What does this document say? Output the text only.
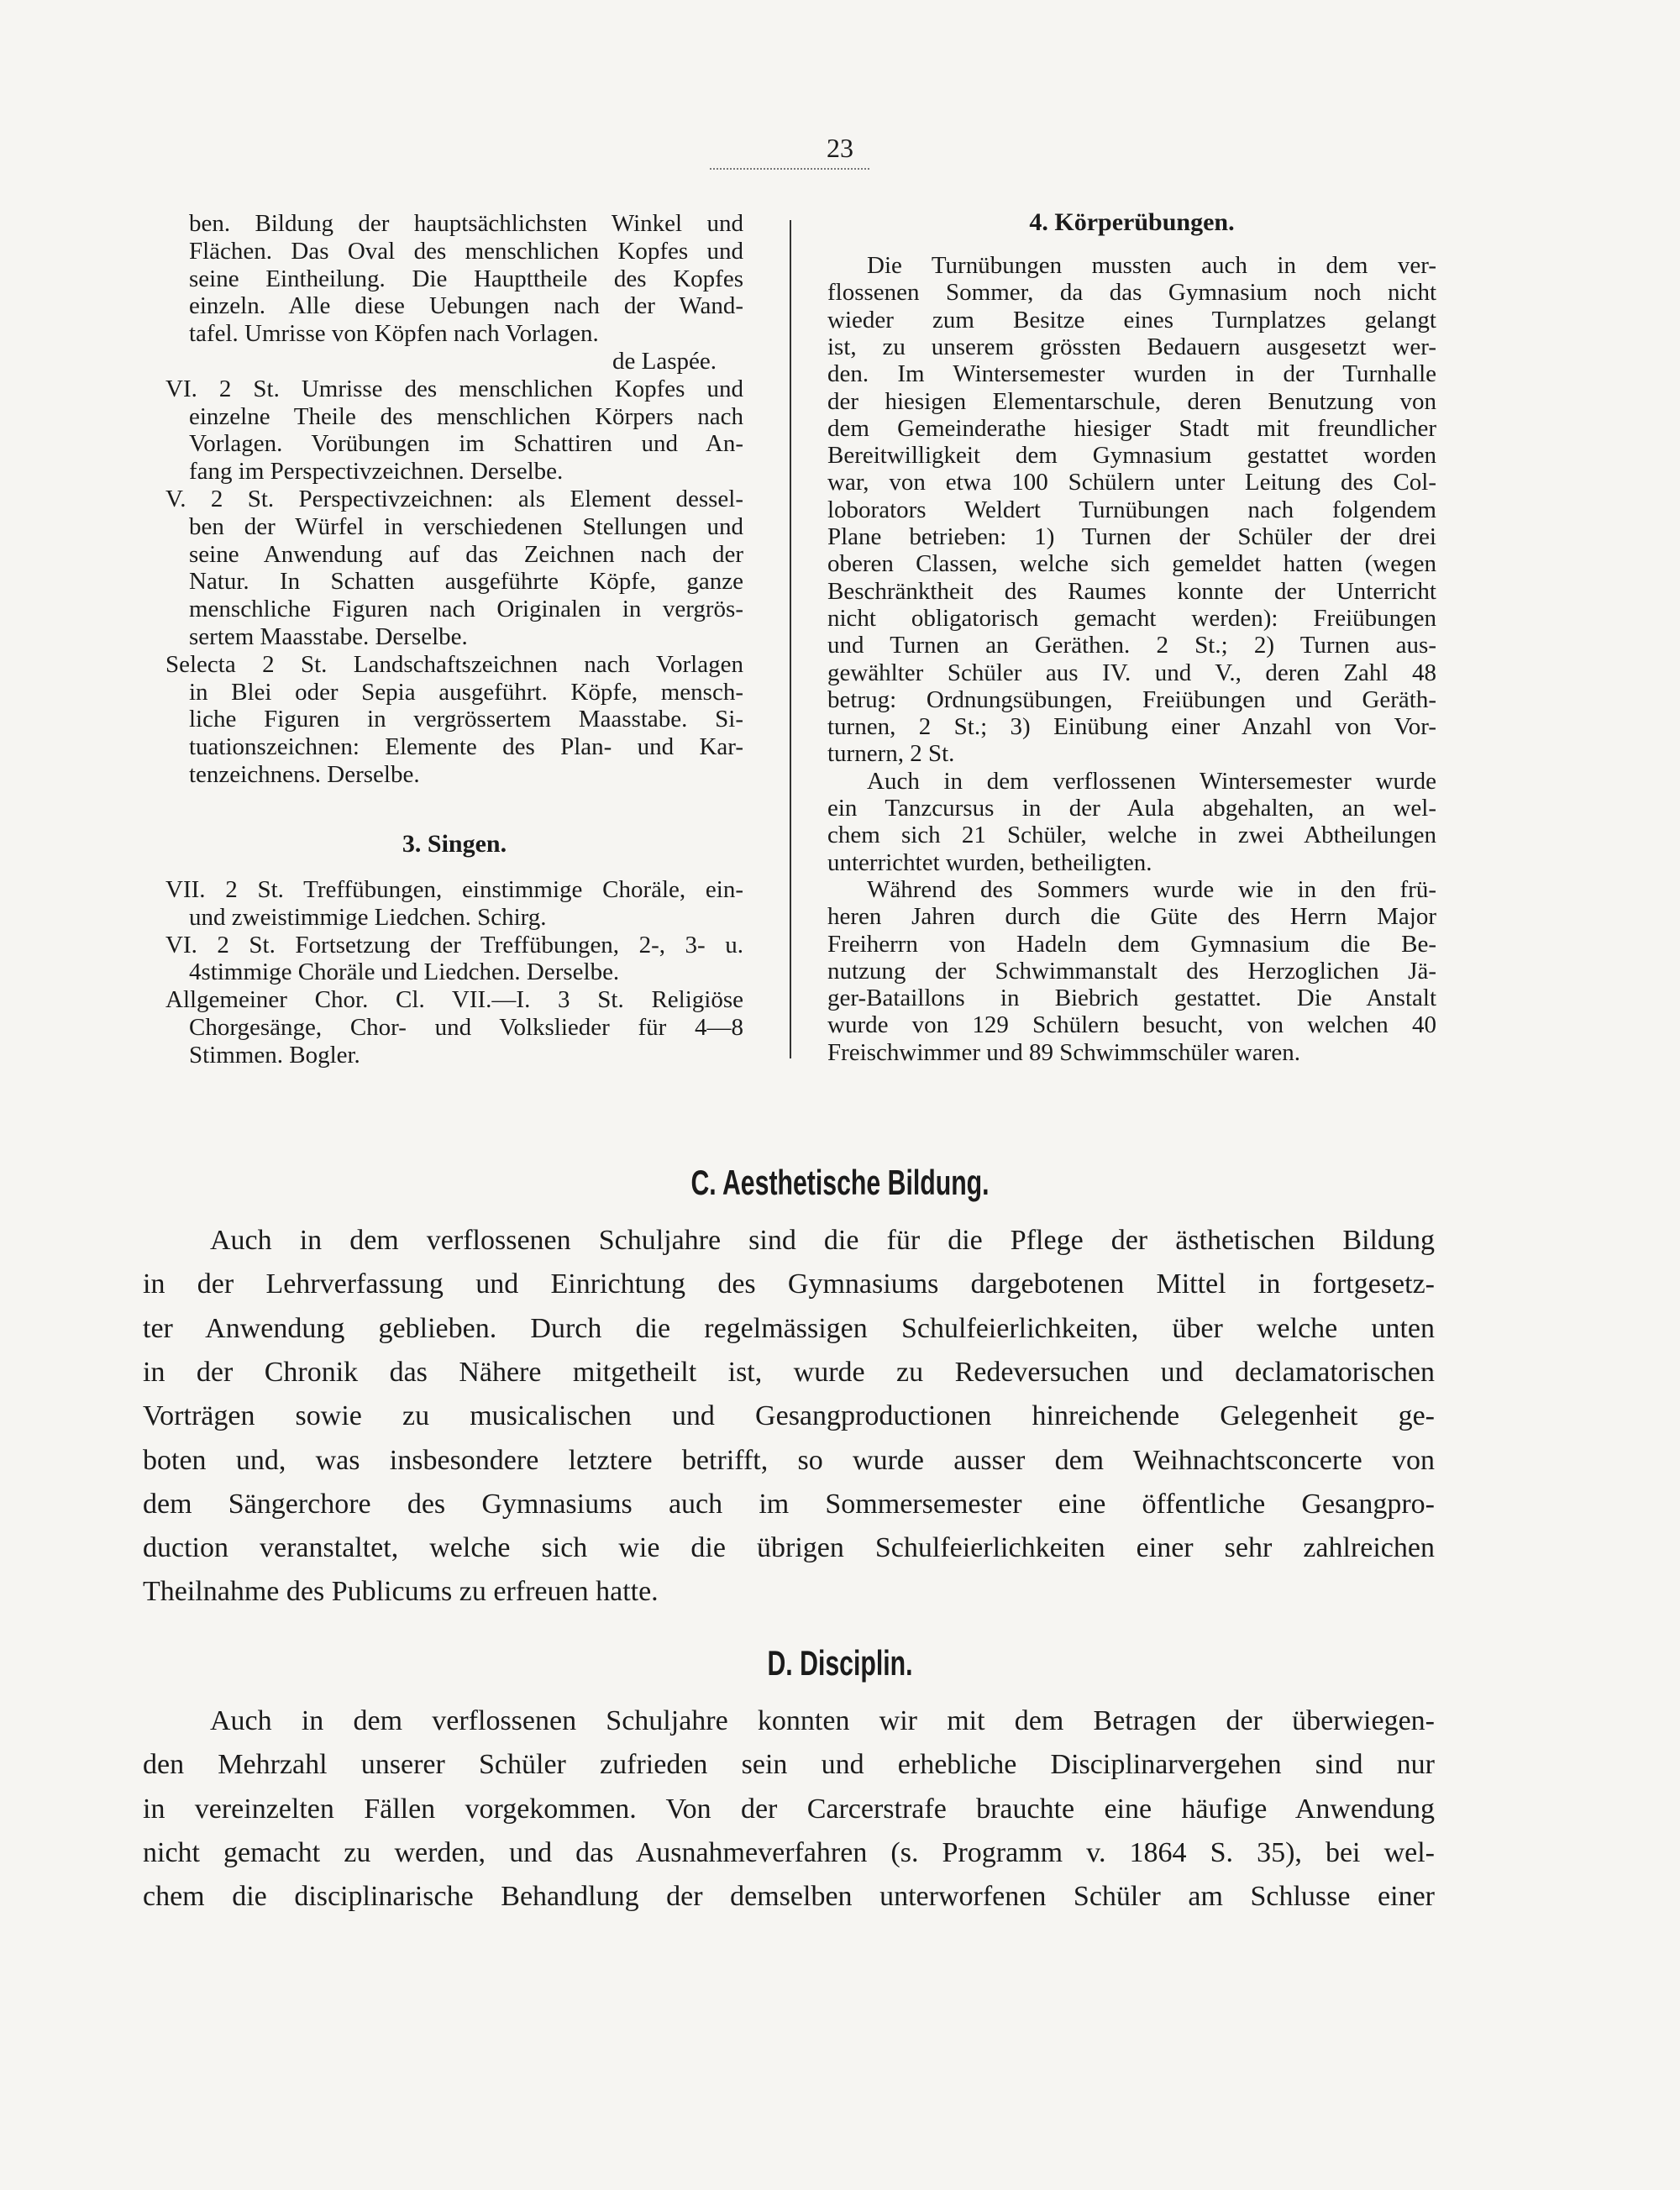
23
ben. Bildung der hauptsächlichsten Winkel und
Flächen. Das Oval des menschlichen Kopfes und
seine Eintheilung. Die Haupttheile des Kopfes
einzeln. Alle diese Uebungen nach der Wand-
tafel. Umrisse von Köpfen nach Vorlagen.
de Laspée.
VI. 2 St. Umrisse des menschlichen Kopfes und
einzelne Theile des menschlichen Körpers nach
Vorlagen. Vorübungen im Schattiren und An-
fang im Perspectivzeichnen. Derselbe.
V. 2 St. Perspectivzeichnen: als Element dessel-
ben der Würfel in verschiedenen Stellungen und
seine Anwendung auf das Zeichnen nach der
Natur. In Schatten ausgeführte Köpfe, ganze
menschliche Figuren nach Originalen in vergrös-
sertem Maasstabe. Derselbe.
Selecta 2 St. Landschaftszeichnen nach Vorlagen
in Blei oder Sepia ausgeführt. Köpfe, mensch-
liche Figuren in vergrössertem Maasstabe. Si-
tuationszeichnen: Elemente des Plan- und Kar-
tenzeichnens. Derselbe.
VII. 2 St. Treffübungen, einstimmige Choräle, ein-
und zweistimmige Liedchen. Schirg.
VI. 2 St. Fortsetzung der Treffübungen, 2-, 3- u.
4stimmige Choräle und Liedchen. Derselbe.
Allgemeiner Chor. Cl. VII.—I. 3 St. Religiöse
Chorgesänge, Chor- und Volkslieder für 4—8
Stimmen. Bogler.
3. Singen.
Die Turnübungen mussten auch in dem ver-
flossenen Sommer, da das Gymnasium noch nicht
wieder zum Besitze eines Turnplatzes gelangt
ist, zu unserem grössten Bedauern ausgesetzt wer-
den. Im Wintersemester wurden in der Turnhalle
der hiesigen Elementarschule, deren Benutzung von
dem Gemeinderathe hiesiger Stadt mit freundlicher
Bereitwilligkeit dem Gymnasium gestattet worden
war, von etwa 100 Schülern unter Leitung des Col-
loborators Weldert Turnübungen nach folgendem
Plane betrieben: 1) Turnen der Schüler der drei
oberen Classen, welche sich gemeldet hatten (wegen
Beschränktheit des Raumes konnte der Unterricht
nicht obligatorisch gemacht werden): Freiübungen
und Turnen an Geräthen. 2 St.; 2) Turnen aus-
gewählter Schüler aus IV. und V., deren Zahl 48
betrug: Ordnungsübungen, Freiübungen und Geräth-
turnen, 2 St.; 3) Einübung einer Anzahl von Vor-
turnern, 2 St.
Auch in dem verflossenen Wintersemester wurde
ein Tanzcursus in der Aula abgehalten, an wel-
chem sich 21 Schüler, welche in zwei Abtheilungen
unterrichtet wurden, betheiligten.
Während des Sommers wurde wie in den frü-
heren Jahren durch die Güte des Herrn Major
Freiherrn von Hadeln dem Gymnasium die Be-
nutzung der Schwimmanstalt des Herzoglichen Jä-
ger-Bataillons in Biebrich gestattet. Die Anstalt
wurde von 129 Schülern besucht, von welchen 40
Freischwimmer und 89 Schwimmschüler waren.
4. Körperübungen.
C. Aesthetische Bildung.
Auch in dem verflossenen Schuljahre sind die für die Pflege der ästhetischen Bildung
in der Lehrverfassung und Einrichtung des Gymnasiums dargebotenen Mittel in fortgesetz-
ter Anwendung geblieben. Durch die regelmässigen Schulfeierlichkeiten, über welche unten
in der Chronik das Nähere mitgetheilt ist, wurde zu Redeversuchen und declamatorischen
Vorträgen sowie zu musicalischen und Gesangproductionen hinreichende Gelegenheit ge-
boten und, was insbesondere letztere betrifft, so wurde ausser dem Weihnachtsconcerte von
dem Sängerchore des Gymnasiums auch im Sommersemester eine öffentliche Gesangpro-
duction veranstaltet, welche sich wie die übrigen Schulfeierlichkeiten einer sehr zahlreichen
Theilnahme des Publicums zu erfreuen hatte.
D. Disciplin.
Auch in dem verflossenen Schuljahre konnten wir mit dem Betragen der überwiegen-
den Mehrzahl unserer Schüler zufrieden sein und erhebliche Disciplinarvergehen sind nur
in vereinzelten Fällen vorgekommen. Von der Carcerstrafe brauchte eine häufige Anwendung
nicht gemacht zu werden, und das Ausnahmeverfahren (s. Programm v. 1864 S. 35), bei wel-
chem die disciplinarische Behandlung der demselben unterworfenen Schüler am Schlusse einer
